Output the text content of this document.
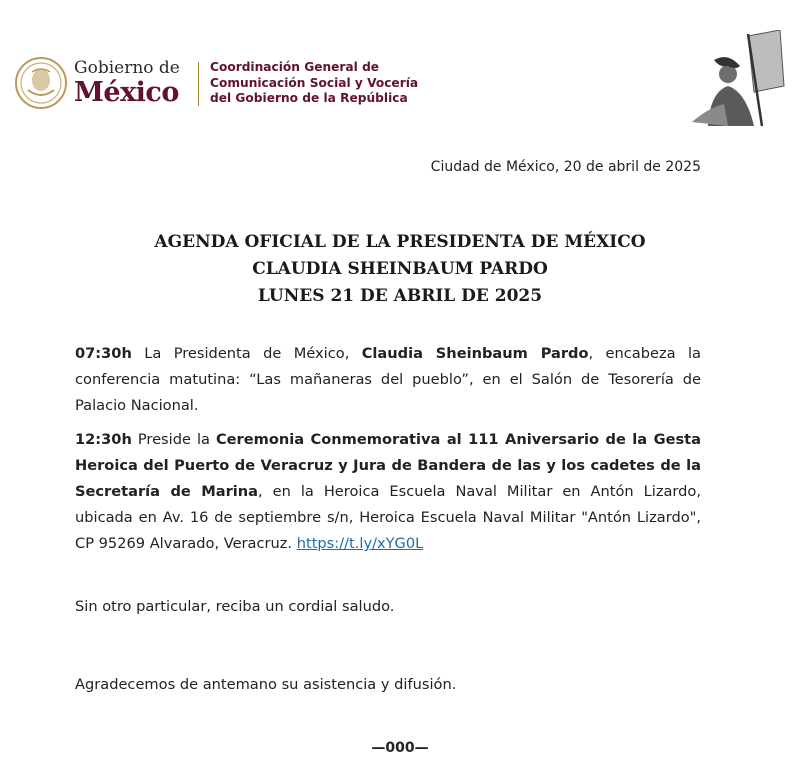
Gobierno de
México
Coordinación General de
Comunicación Social y Vocería
del Gobierno de la República
Ciudad de México, 20 de abril de 2025
AGENDA OFICIAL DE LA PRESIDENTA DE MÉXICO
CLAUDIA SHEINBAUM PARDO
LUNES 21 DE ABRIL DE 2025
07:30h La Presidenta de México, Claudia Sheinbaum Pardo, encabeza la conferencia matutina: “Las mañaneras del pueblo”, en el Salón de Tesorería de Palacio Nacional.
12:30h Preside la Ceremonia Conmemorativa al 111 Aniversario de la Gesta Heroica del Puerto de Veracruz y Jura de Bandera de las y los cadetes de la Secretaría de Marina, en la Heroica Escuela Naval Militar en Antón Lizardo, ubicada en Av. 16 de septiembre s/n, Heroica Escuela Naval Militar "Antón Lizardo", CP 95269 Alvarado, Veracruz. https://t.ly/xYG0L
Sin otro particular, reciba un cordial saludo.
Agradecemos de antemano su asistencia y difusión.
—000—
